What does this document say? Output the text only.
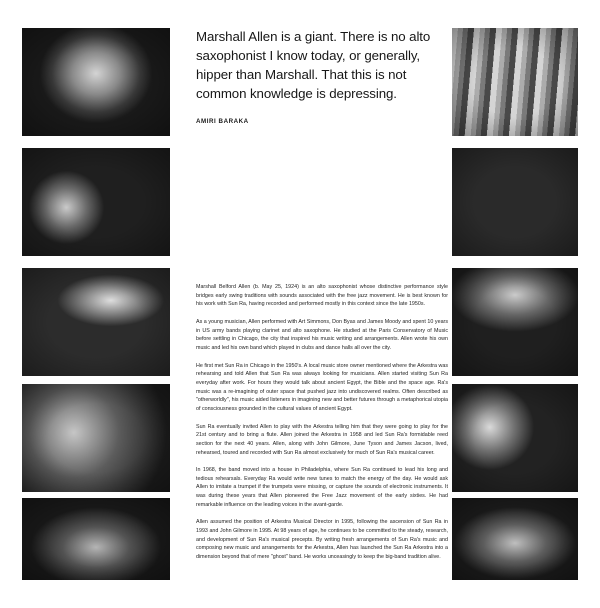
Marshall Allen is a giant. There is no alto saxophonist I know today, or generally, hipper than Marshall. That this is not common knowledge is depressing.
AMIRI BARAKA

Marshall Belford Allen (b. May 25, 1924) is an alto saxophonist whose distinctive performance style bridges early swing traditions with sounds associated with the free jazz movement. He is best known for his work with Sun Ra, having recorded and performed mostly in this context since the late 1950s.

As a young musician, Allen performed with Art Simmons, Don Byas and James Moody and spent 10 years in US army bands playing clarinet and alto saxophone. He studied at the Paris Conservatory of Music before settling in Chicago, the city that inspired his music writing and arrangements. Allen wrote his own music and led his own band which played in clubs and dance halls all over the city.

He first met Sun Ra in Chicago in the 1950's. A local music store owner mentioned where the Arkestra was rehearsing and told Allen that Sun Ra was always looking for musicians. Allen started visiting Sun Ra everyday after work. For hours they would talk about ancient Egypt, the Bible and the space age. Ra's music was a re-imagining of outer space that pushed jazz into undiscovered realms. Often described as "otherworldly", his music aided listeners in imagining new and better futures through a metaphorical utopia of consciousness grounded in the cultural values of ancient Egypt.

Sun Ra eventually invited Allen to play with the Arkestra telling him that they were going to play for the 21st century and to bring a flute. Allen joined the Arkestra in 1958 and led Sun Ra's formidable reed section for the next 40 years. Allen, along with John Gilmore, June Tyson and James Jacson, lived, rehearsed, toured and recorded with Sun Ra almost exclusively for much of Sun Ra's musical career.

In 1968, the band moved into a house in Philadelphia, where Sun Ra continued to lead his long and tedious rehearsals. Everyday Ra would write new tunes to match the energy of the day. He would ask Allen to imitate a trumpet if the trumpets were missing, or capture the sounds of electronic instruments. It was during these years that Allen pioneered the Free Jazz movement of the early sixties. He had remarkable influence on the leading voices in the avant-garde.

Allen assumed the position of Arkestra Musical Director in 1995, following the ascension of Sun Ra in 1993 and John Gilmore in 1995. At 98 years of age, he continues to be committed to the steady, research, and development of Sun Ra's musical precepts. By writing fresh arrangements of Sun Ra's music and composing new music and arrangements for the Arkestra, Allen has launched the Sun Ra Arkestra into a dimension beyond that of mere "ghost" band. He works unceasingly to keep the big-band tradition alive.
